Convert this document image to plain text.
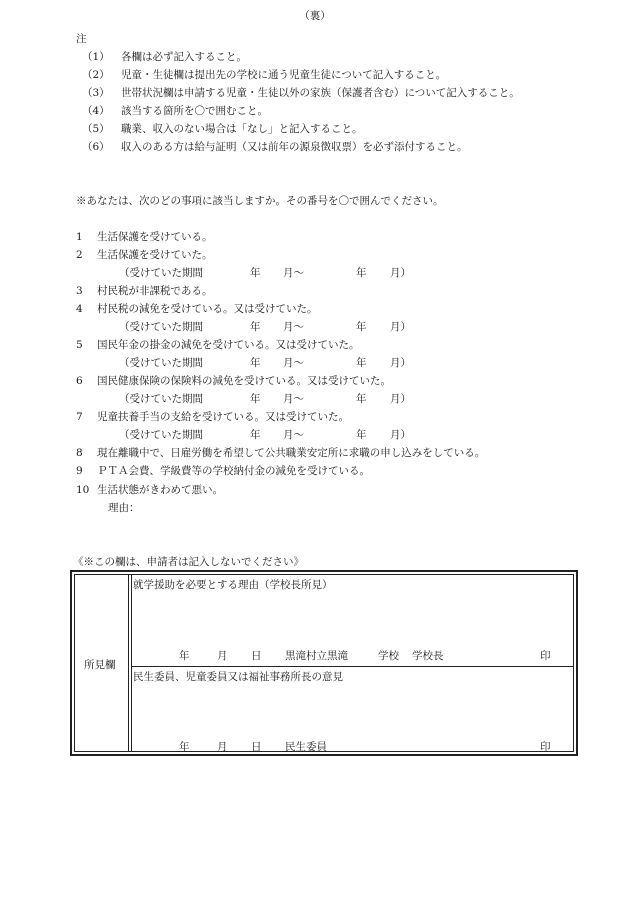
（裏）
注
（1） 各欄は必ず記入すること。
（2） 児童・生徒欄は提出先の学校に通う児童生徒について記入すること。
（3） 世帯状況欄は申請する児童・生徒以外の家族（保護者含む）について記入すること。
（4） 該当する箇所を〇で囲むこと。
（5） 職業、収入のない場合は「なし」と記入すること。
（6） 収入のある方は給与証明（又は前年の源泉徴収票）を必ず添付すること。
※あなたは、次のどの事項に該当しますか。その番号を〇で囲んでください。
1	生活保護を受けている。
2	生活保護を受けていた。
（受けていた期間	年 月〜	年 月）
3	村民税が非課税である。
4	村民税の減免を受けている。又は受けていた。
（受けていた期間	年 月〜	年 月）
5	国民年金の掛金の減免を受けている。又は受けていた。
（受けていた期間	年 月〜	年 月）
6	国民健康保険の保険料の減免を受けている。又は受けていた。
（受けていた期間	年 月〜	年 月）
7	児童扶養手当の支給を受けている。又は受けていた。
（受けていた期間	年 月〜	年 月）
8	現在離職中で、日雇労働を希望して公共職業安定所に求職の申し込みをしている。
9	ＰＴＡ会費、学級費等の学校納付金の減免を受けている。
10 生活状態がきわめて悪い。
理由：
《※この欄は、申請者は記入しないでください》
所見欄
就学援助を必要とする理由（学校長所見）
年	月 日 黒滝村立黒滝	学校 学校長	印
民生委員、児童委員又は福祉事務所長の意見
年	月 日 民生委員	印
